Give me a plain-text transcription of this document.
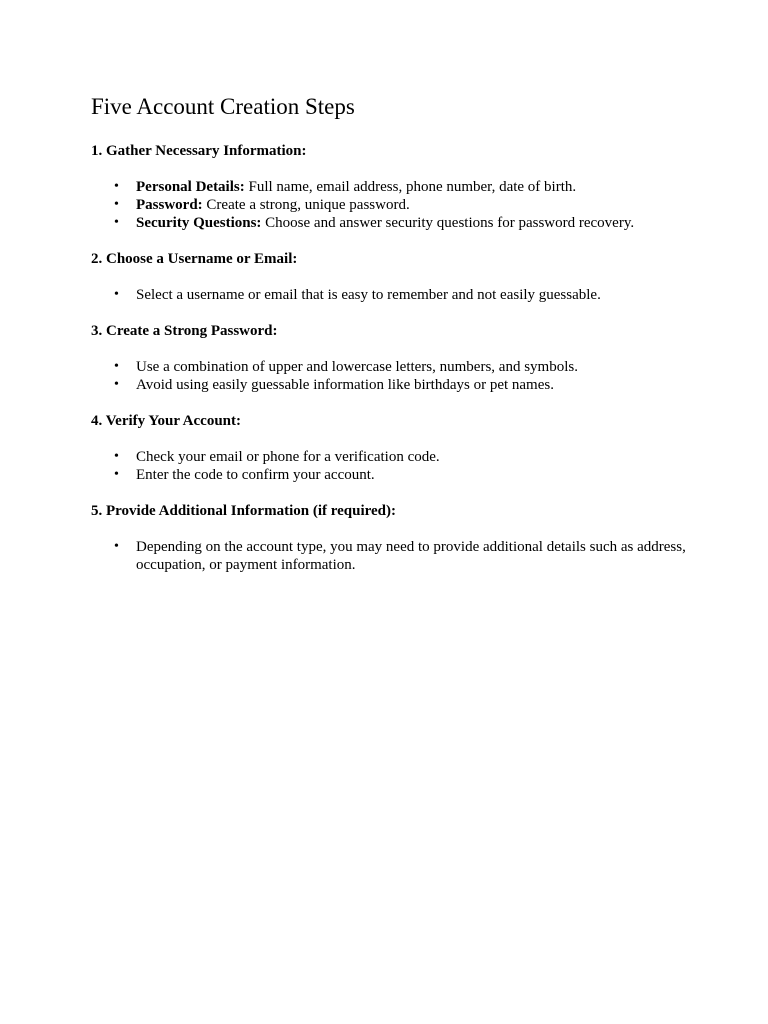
Five Account Creation Steps

1. Gather Necessary Information:

• Personal Details: Full name, email address, phone number, date of birth.
• Password: Create a strong, unique password.
• Security Questions: Choose and answer security questions for password recovery.

2. Choose a Username or Email:

• Select a username or email that is easy to remember and not easily guessable.

3. Create a Strong Password:

• Use a combination of upper and lowercase letters, numbers, and symbols.
• Avoid using easily guessable information like birthdays or pet names.

4. Verify Your Account:

• Check your email or phone for a verification code.
• Enter the code to confirm your account.

5. Provide Additional Information (if required):

• Depending on the account type, you may need to provide additional details such as address, occupation, or payment information.
